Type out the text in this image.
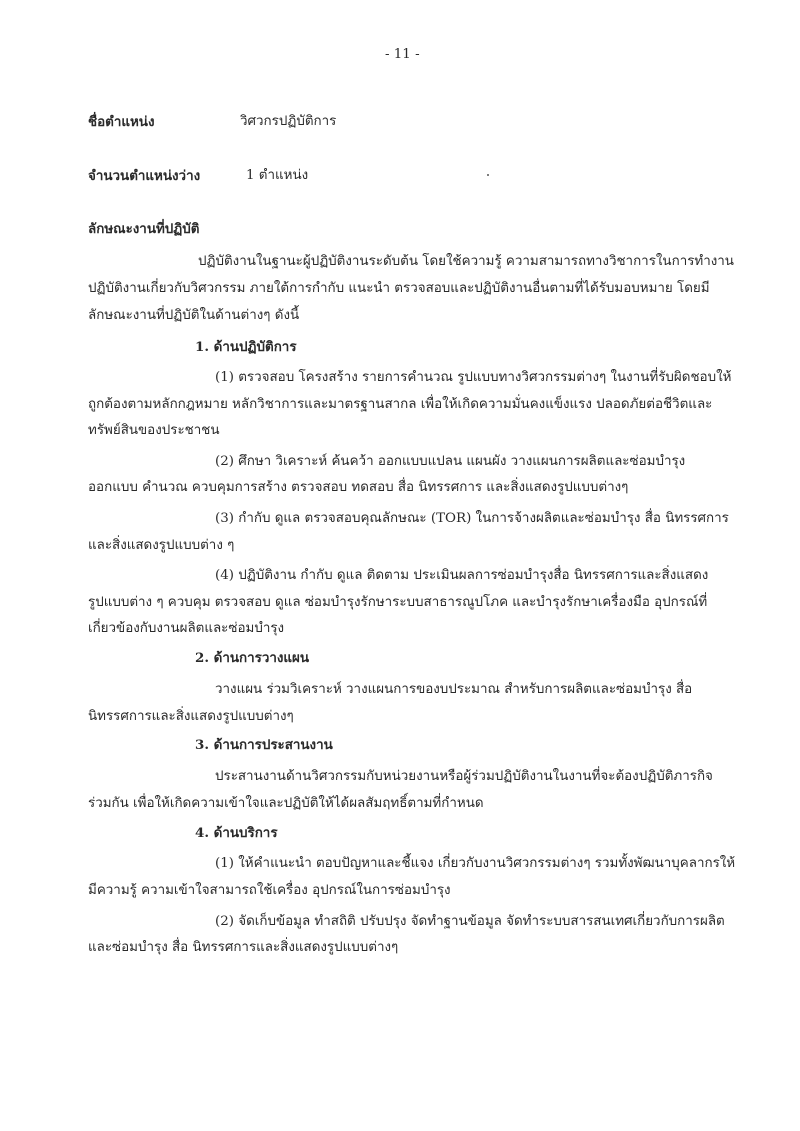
- 11 -

ชื่อตำแหน่ง	วิศวกรปฏิบัติการ

จำนวนตำแหน่งว่าง	1 ตำแหน่ง

ลักษณะงานที่ปฏิบัติ

ปฏิบัติงานในฐานะผู้ปฏิบัติงานระดับต้น โดยใช้ความรู้ ความสามารถทางวิชาการในการทำงาน

ปฏิบัติงานเกี่ยวกับวิศวกรรม ภายใต้การกำกับ แนะนำ ตรวจสอบและปฏิบัติงานอื่นตามที่ได้รับมอบหมาย โดยมี

ลักษณะงานที่ปฏิบัติในด้านต่างๆ ดังนี้

1. ด้านปฏิบัติการ

(1) ตรวจสอบ โครงสร้าง รายการคำนวณ รูปแบบทางวิศวกรรมต่างๆ ในงานที่รับผิดชอบให้

ถูกต้องตามหลักกฎหมาย หลักวิชาการและมาตรฐานสากล เพื่อให้เกิดความมั่นคงแข็งแรง ปลอดภัยต่อชีวิตและ

ทรัพย์สินของประชาชน

(2) ศึกษา วิเคราะห์ ค้นคว้า ออกแบบแปลน แผนผัง วางแผนการผลิตและซ่อมบำรุง

ออกแบบ คำนวณ ควบคุมการสร้าง ตรวจสอบ ทดสอบ สื่อ นิทรรศการ และสิ่งแสดงรูปแบบต่างๆ

(3) กำกับ ดูแล ตรวจสอบคุณลักษณะ (TOR) ในการจ้างผลิตและซ่อมบำรุง สื่อ นิทรรศการ

และสิ่งแสดงรูปแบบต่าง ๆ

(4) ปฏิบัติงาน กำกับ ดูแล ติดตาม ประเมินผลการซ่อมบำรุงสื่อ นิทรรศการและสิ่งแสดง

รูปแบบต่าง ๆ ควบคุม ตรวจสอบ ดูแล ซ่อมบำรุงรักษาระบบสาธารณูปโภค และบำรุงรักษาเครื่องมือ อุปกรณ์ที่

เกี่ยวข้องกับงานผลิตและซ่อมบำรุง

2. ด้านการวางแผน

วางแผน ร่วมวิเคราะห์ วางแผนการของบประมาณ สำหรับการผลิตและซ่อมบำรุง สื่อ

นิทรรศการและสิ่งแสดงรูปแบบต่างๆ

3. ด้านการประสานงาน

ประสานงานด้านวิศวกรรมกับหน่วยงานหรือผู้ร่วมปฏิบัติงานในงานที่จะต้องปฏิบัติภารกิจ

ร่วมกัน เพื่อให้เกิดความเข้าใจและปฏิบัติให้ได้ผลสัมฤทธิ์ตามที่กำหนด

4. ด้านบริการ

(1) ให้คำแนะนำ ตอบปัญหาและชี้แจง เกี่ยวกับงานวิศวกรรมต่างๆ รวมทั้งพัฒนาบุคลากรให้

มีความรู้ ความเข้าใจสามารถใช้เครื่อง อุปกรณ์ในการซ่อมบำรุง

(2) จัดเก็บข้อมูล ทำสถิติ ปรับปรุง จัดทำฐานข้อมูล จัดทำระบบสารสนเทศเกี่ยวกับการผลิต

และซ่อมบำรุง สื่อ นิทรรศการและสิ่งแสดงรูปแบบต่างๆ
